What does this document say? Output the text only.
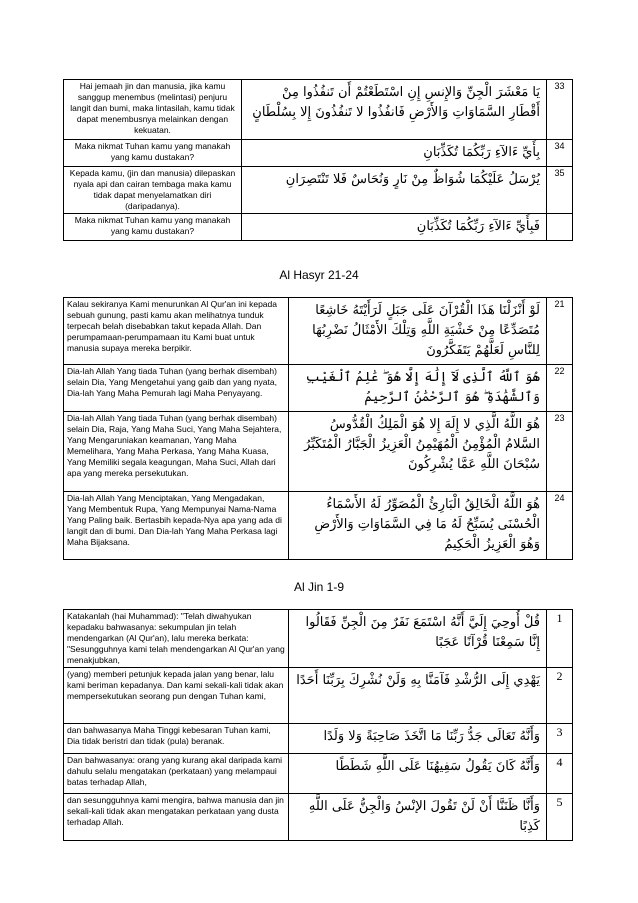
Hai jemaah jin dan manusia, jika kamu sanggup menembus (melintasi) penjuru langit dan bumi, maka lintasilah, kamu tidak dapat menembusnya melainkan dengan kekuatan.	يَا مَعْشَرَ الْجِنِّ وَالإِنسِ إِنِ اسْتَطَعْتُمْ أَن تَنفُذُوا مِنْ أَقْطَارِ السَّمَاوَاتِ وَالأَرْضِ فَانفُذُوا لا تَنفُذُونَ إِلا بِسُلْطَانٍ	33
Maka nikmat Tuhan kamu yang manakah yang kamu dustakan?	بِأَيِّ ءَالآءِ رَبِّكُمَا تُكَذِّبَانِ	34
Kepada kamu, (jin dan manusia) dilepaskan nyala api dan cairan tembaga maka kamu tidak dapat menyelamatkan diri (daripadanya).	يُرْسَلُ عَلَيْكُمَا شُوَاظٌ مِنْ نَارٍ وَنُحَاسٌ فَلا تَنْتَصِرَانِ	35
Maka nikmat Tuhan kamu yang manakah yang kamu dustakan?	فَبِأَيِّ ءَالآءِ رَبِّكُمَا تُكَذِّبَانِ	
Al Hasyr 21-24
Kalau sekiranya Kami menurunkan Al Qur'an ini kepada sebuah gunung, pasti kamu akan melihatnya tunduk terpecah belah disebabkan takut kepada Allah. Dan perumpamaan-perumpamaan itu Kami buat untuk manusia supaya mereka berpikir.	لَوْ أَنْزَلْنَا هَذَا الْقُرْآنَ عَلَى جَبَلٍ لَرَأَيْتَهُ خَاشِعًا مُتَصَدِّعًا مِنْ خَشْيَةِ اللَّهِ وَتِلْكَ الأَمْثَالُ نَضْرِبُهَا لِلنَّاسِ لَعَلَّهُمْ يَتَفَكَّرُونَ	21
Dia-lah Allah Yang tiada Tuhan (yang berhak disembah) selain Dia, Yang Mengetahui yang gaib dan yang nyata, Dia-lah Yang Maha Pemurah lagi Maha Penyayang.	هُوَ ٱللَّهُ ٱلَّذِى لَآ إِلَٰهَ إِلَّا هُوَ ۖ عَٰلِمُ ٱلْغَيْبِ وَٱلشَّهَٰدَةِ ۖ هُوَ ٱلرَّحْمَٰنُ ٱلرَّحِيمُ	22
Dia-lah Allah Yang tiada Tuhan (yang berhak disembah) selain Dia, Raja, Yang Maha Suci, Yang Maha Sejahtera, Yang Mengaruniakan keamanan, Yang Maha Memelihara, Yang Maha Perkasa, Yang Maha Kuasa, Yang Memiliki segala keagungan, Maha Suci, Allah dari apa yang mereka persekutukan.	هُوَ اللَّهُ الَّذِي لا إِلَهَ إِلا هُوَ الْمَلِكُ الْقُدُّوسُ السَّلامُ الْمُؤْمِنُ الْمُهَيْمِنُ الْعَزِيزُ الْجَبَّارُ الْمُتَكَبِّرُ سُبْحَانَ اللَّهِ عَمَّا يُشْرِكُونَ	23
Dia-lah Allah Yang Menciptakan, Yang Mengadakan, Yang Membentuk Rupa, Yang Mempunyai Nama-Nama Yang Paling baik. Bertasbih kepada-Nya apa yang ada di langit dan di bumi. Dan Dia-lah Yang Maha Perkasa lagi Maha Bijaksana.	هُوَ اللَّهُ الْخَالِقُ الْبَارِئُ الْمُصَوِّرُ لَهُ الأَسْمَاءُ الْحُسْنَى يُسَبِّحُ لَهُ مَا فِي السَّمَاوَاتِ وَالأَرْضِ وَهُوَ الْعَزِيزُ الْحَكِيمُ	24
Al Jin 1-9
Katakanlah (hai Muhammad): "Telah diwahyukan kepadaku bahwasanya: sekumpulan jin telah mendengarkan (Al Qur'an), lalu mereka berkata: "Sesungguhnya kami telah mendengarkan Al Qur'an yang menakjubkan,	قُلْ أُوحِيَ إِلَيَّ أَنَّهُ اسْتَمَعَ نَفَرٌ مِنَ الْجِنِّ فَقَالُوا إِنَّا سَمِعْنَا قُرْآنًا عَجَبًا	1
(yang) memberi petunjuk kepada jalan yang benar, lalu kami beriman kepadanya. Dan kami sekali-kali tidak akan mempersekutukan seorang pun dengan Tuhan kami,	يَهْدِي إِلَى الرُّشْدِ فَآمَنَّا بِهِ وَلَنْ نُشْرِكَ بِرَبِّنَا أَحَدًا	2
dan bahwasanya Maha Tinggi kebesaran Tuhan kami, Dia tidak beristri dan tidak (pula) beranak.	وَأَنَّهُ تَعَالَى جَدُّ رَبِّنَا مَا اتَّخَذَ صَاحِبَةً وَلا وَلَدًا	3
Dan bahwasanya: orang yang kurang akal daripada kami dahulu selalu mengatakan (perkataan) yang melampaui batas terhadap Allah,	وَأَنَّهُ كَانَ يَقُولُ سَفِيهُنَا عَلَى اللَّهِ شَطَطًا	4
dan sesungguhnya kami mengira, bahwa manusia dan jin sekali-kali tidak akan mengatakan perkataan yang dusta terhadap Allah.	وَأَنَّا ظَنَنَّا أَنْ لَنْ تَقُولَ الإنْسُ وَالْجِنُّ عَلَى اللَّهِ كَذِبًا	5
